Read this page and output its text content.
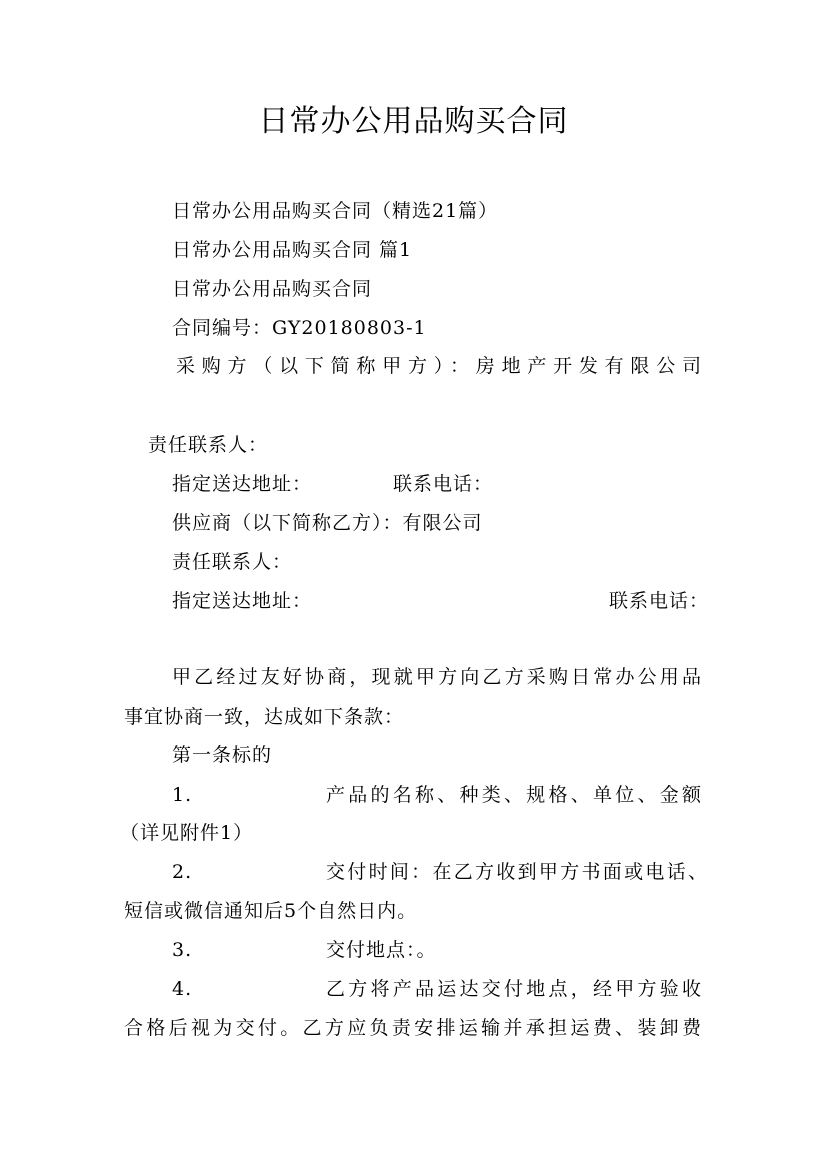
日常办公用品购买合同
日常办公用品购买合同（精选21篇）
日常办公用品购买合同 篇1
日常办公用品购买合同
合同编号：GY20180803-1
采购方（以下简称甲方）：房地产开发有限公司
责任联系人：
指定送达地址：	联系电话：
供应商（以下简称乙方）：有限公司
责任联系人：
指定送达地址：	联系电话：
甲乙经过友好协商，现就甲方向乙方采购日常办公用品
事宜协商一致，达成如下条款：
第一条标的
1.	产品的名称、种类、规格、单位、金额
（详见附件1）
2.	交付时间：在乙方收到甲方书面或电话、
短信或微信通知后5个自然日内。
3.	交付地点：。
4.	乙方将产品运达交付地点，经甲方验收
合格后视为交付。乙方应负责安排运输并承担运费、装卸费
